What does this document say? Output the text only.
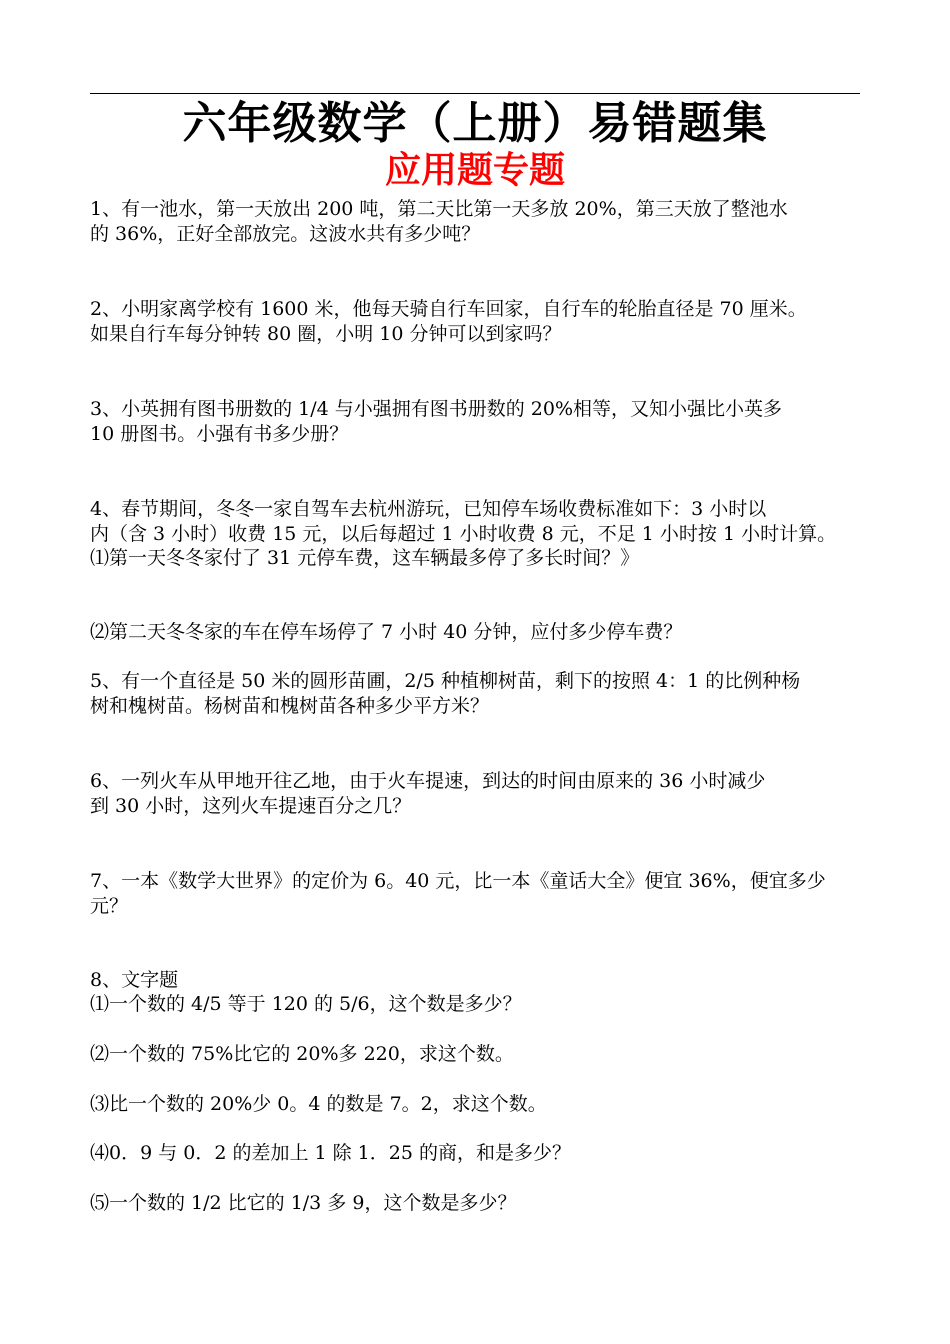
六年级数学（上册）易错题集
应用题专题
1、有一池水，第一天放出 200 吨，第二天比第一天多放 20%，第三天放了整池水
的 36%，正好全部放完。这波水共有多少吨？
2、小明家离学校有 1600 米，他每天骑自行车回家，自行车的轮胎直径是 70 厘米。
如果自行车每分钟转 80 圈，小明 10 分钟可以到家吗？
3、小英拥有图书册数的 1/4 与小强拥有图书册数的 20%相等，又知小强比小英多
10 册图书。小强有书多少册？
4、春节期间，冬冬一家自驾车去杭州游玩，已知停车场收费标准如下：3 小时以
内（含 3 小时）收费 15 元，以后每超过 1 小时收费 8 元，不足 1 小时按 1 小时计算。
⑴第一天冬冬家付了 31 元停车费，这车辆最多停了多长时间？》
⑵第二天冬冬家的车在停车场停了 7 小时 40 分钟，应付多少停车费？
5、有一个直径是 50 米的圆形苗圃，2/5 种植柳树苗，剩下的按照 4：1 的比例种杨
树和槐树苗。杨树苗和槐树苗各种多少平方米？
6、一列火车从甲地开往乙地，由于火车提速，到达的时间由原来的 36 小时减少
到 30 小时，这列火车提速百分之几？
7、一本《数学大世界》的定价为 6。40 元，比一本《童话大全》便宜 36%，便宜多少
元？
8、文字题
⑴一个数的 4/5 等于 120 的 5/6，这个数是多少？
⑵一个数的 75%比它的 20%多 220，求这个数。
⑶比一个数的 20%少 0。4 的数是 7。2，求这个数。
⑷0．9 与 0．2 的差加上 1 除 1．25 的商，和是多少？
⑸一个数的 1/2 比它的 1/3 多 9，这个数是多少？
